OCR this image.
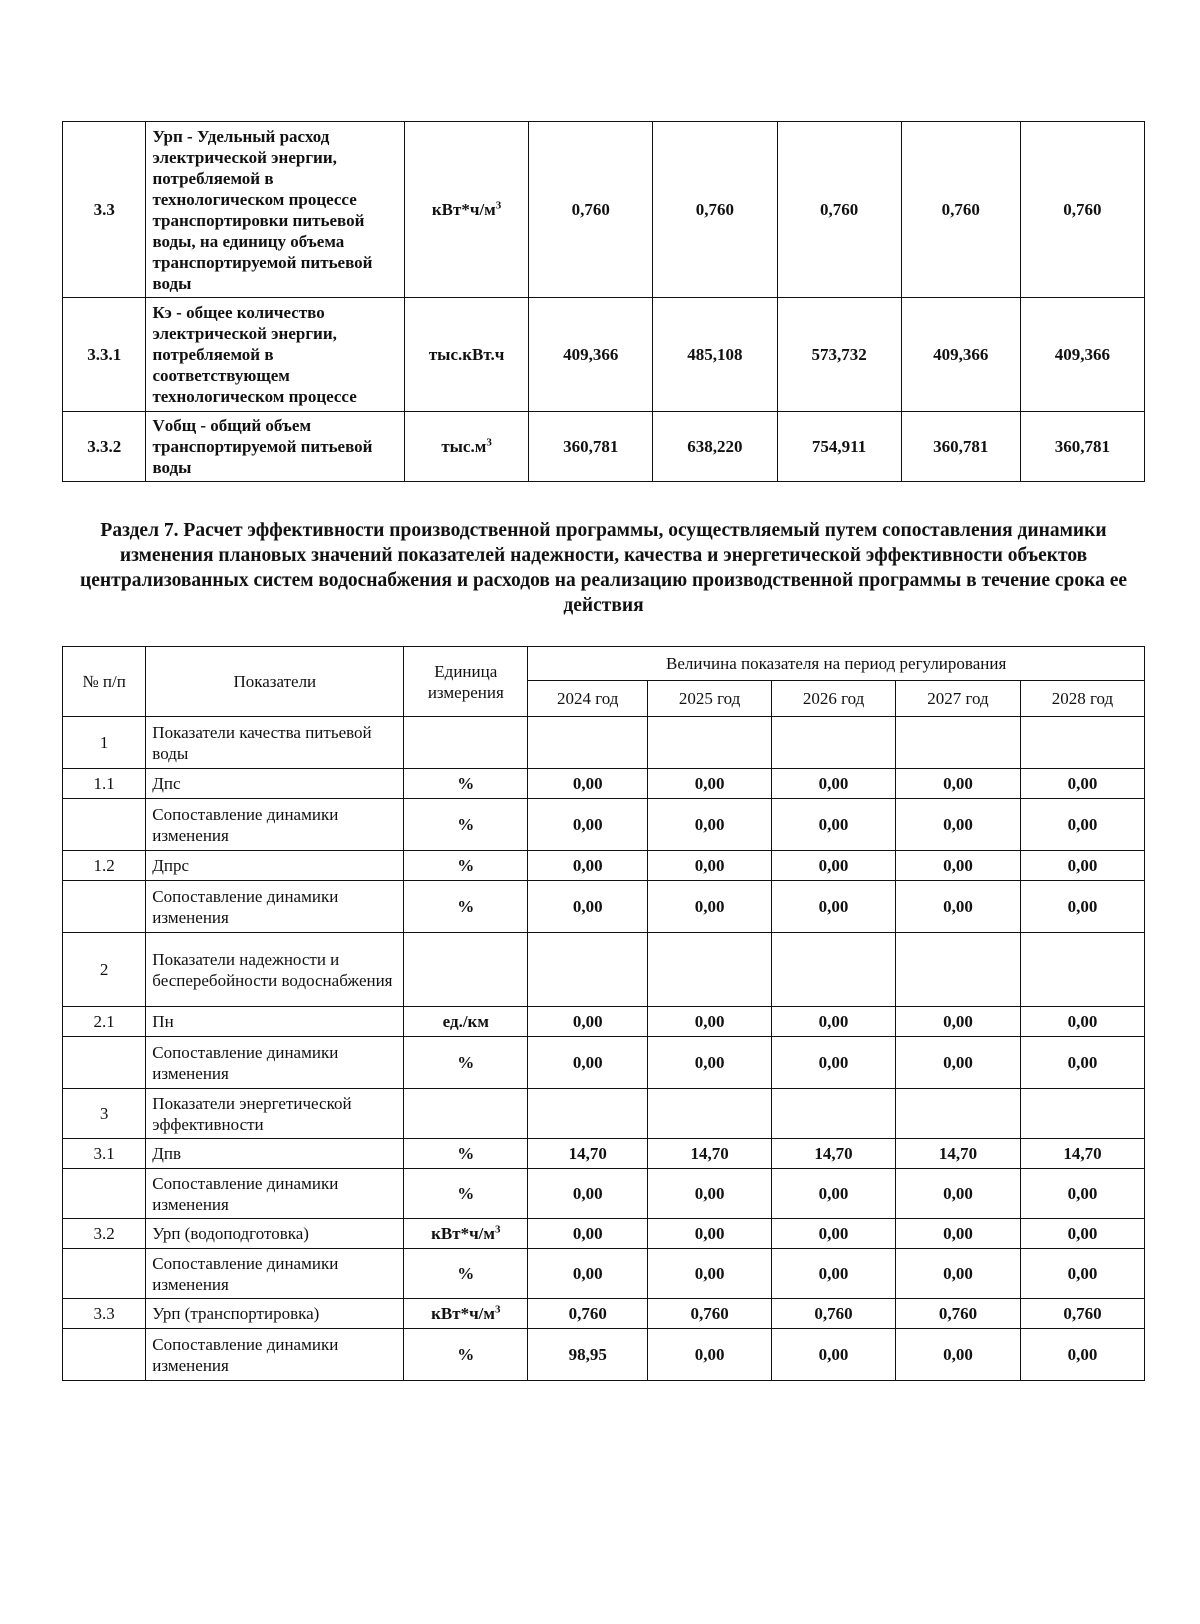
3.3	Урп - Удельный расход электрической энергии, потребляемой в технологическом процессе транспортировки питьевой воды, на единицу объема транспортируемой питьевой воды	$кВт*ч/м^3$	0,760	0,760	0,760	0,760	0,760
3.3.1	Кэ - общее количество электрической энергии, потребляемой в соответствующем технологическом процессе	тыс.кВт.ч	409,366	485,108	573,732	409,366	409,366
3.3.2	Vобщ - общий объем транспортируемой питьевой воды	$тыс.м^3$	360,781	638,220	754,911	360,781	360,781
Раздел 7. Расчет эффективности производственной программы, осуществляемый путем сопоставления динамики изменения плановых значений показателей надежности, качества и энергетической эффективности объектов централизованных систем водоснабжения и расходов на реализацию производственной программы в течение срока ее действия
№ п/п	Показатели	Единица измерения	Величина показателя на период регулирования				
			2024 год	2025 год	2026 год	2027 год	2028 год
1	Показатели качества питьевой воды						
1.1	Дпс	%	0,00	0,00	0,00	0,00	0,00
	Сопоставление динамики изменения	%	0,00	0,00	0,00	0,00	0,00
1.2	Дпрс	%	0,00	0,00	0,00	0,00	0,00
	Сопоставление динамики изменения	%	0,00	0,00	0,00	0,00	0,00
2	Показатели надежности и бесперебойности водоснабжения						
2.1	Пн	ед./км	0,00	0,00	0,00	0,00	0,00
	Сопоставление динамики изменения	%	0,00	0,00	0,00	0,00	0,00
3	Показатели энергетической эффективности						
3.1	Дпв	%	14,70	14,70	14,70	14,70	14,70
	Сопоставление динамики изменения	%	0,00	0,00	0,00	0,00	0,00
3.2	Урп (водоподготовка)	$кВт*ч/м^3$	0,00	0,00	0,00	0,00	0,00
	Сопоставление динамики изменения	%	0,00	0,00	0,00	0,00	0,00
3.3	Урп (транспортировка)	$кВт*ч/м^3$	0,760	0,760	0,760	0,760	0,760
	Сопоставление динамики изменения	%	98,95	0,00	0,00	0,00	0,00
